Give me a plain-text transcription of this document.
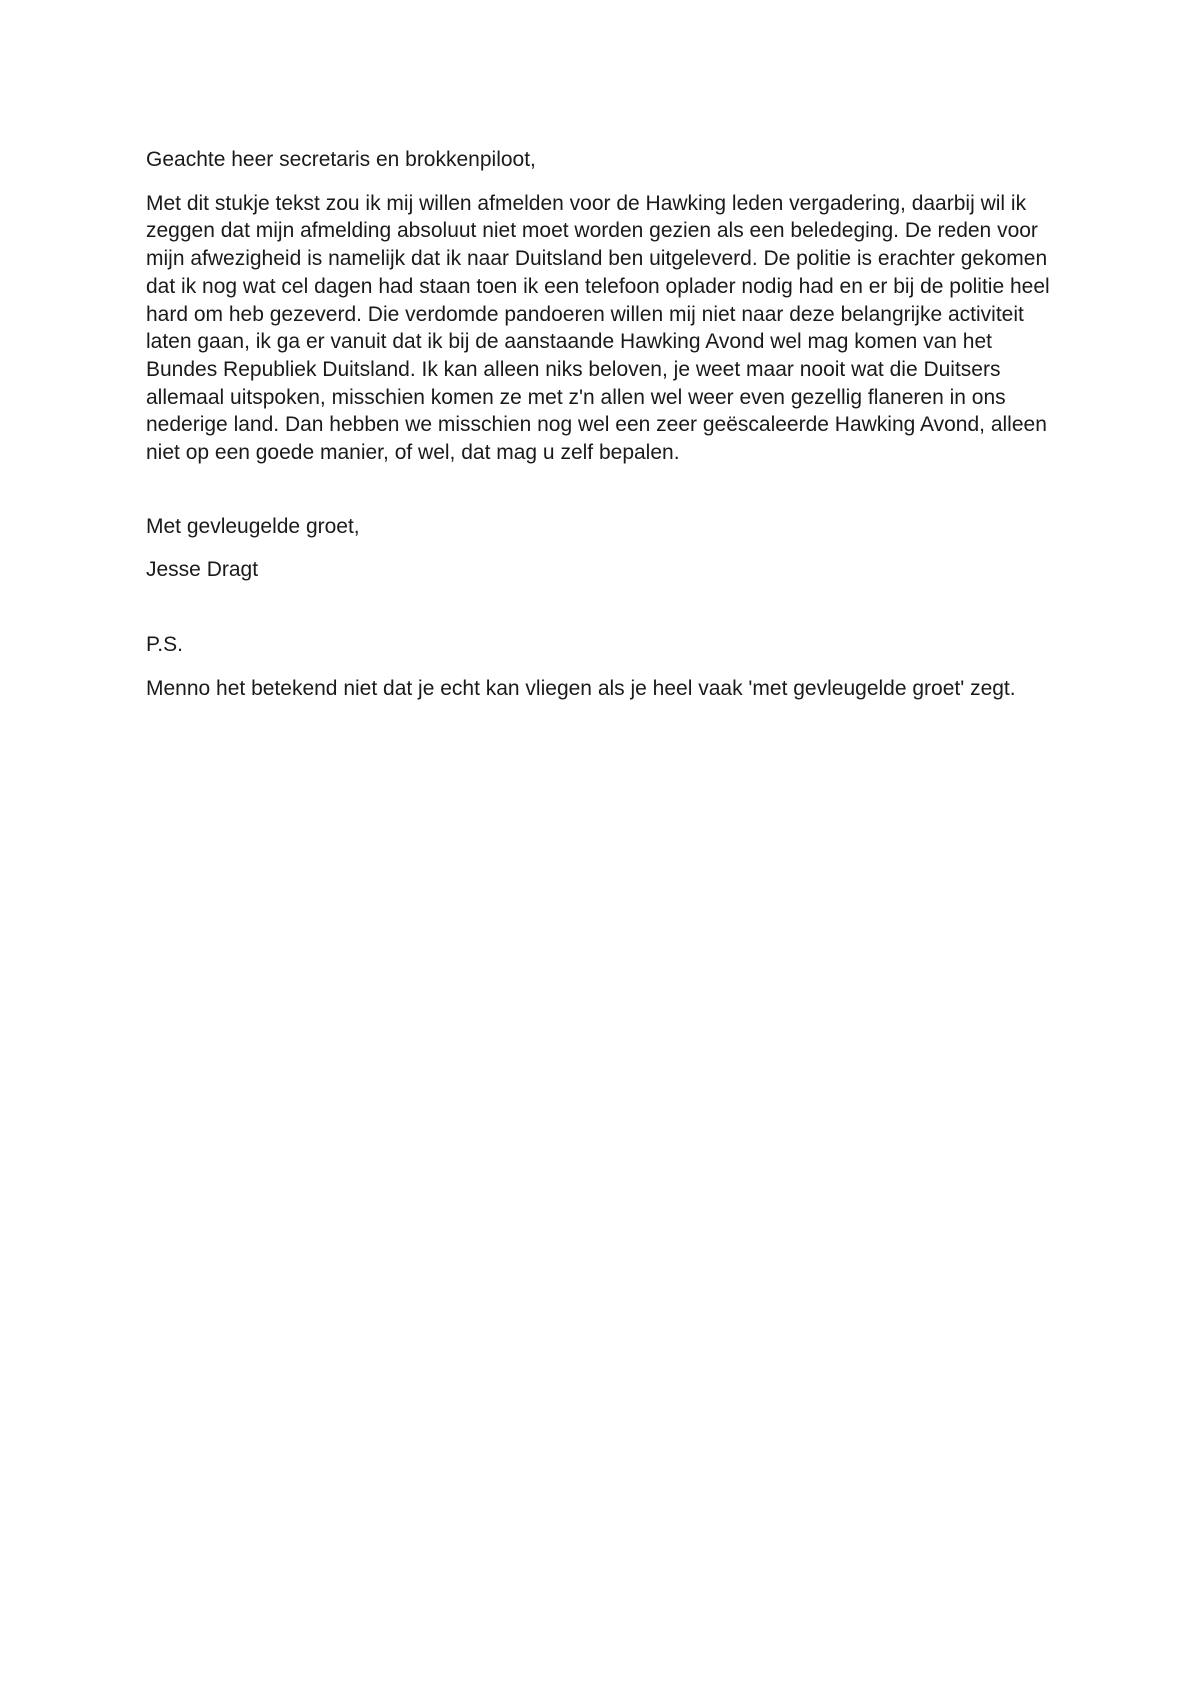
Geachte heer secretaris en brokkenpiloot,

Met dit stukje tekst zou ik mij willen afmelden voor de Hawking leden vergadering, daarbij wil ik zeggen dat mijn afmelding absoluut niet moet worden gezien als een beledeging. De reden voor mijn afwezigheid is namelijk dat ik naar Duitsland ben uitgeleverd. De politie is erachter gekomen dat ik nog wat cel dagen had staan toen ik een telefoon oplader nodig had en er bij de politie heel hard om heb gezeverd. Die verdomde pandoeren willen mij niet naar deze belangrijke activiteit laten gaan, ik ga er vanuit dat ik bij de aanstaande Hawking Avond wel mag komen van het Bundes Republiek Duitsland. Ik kan alleen niks beloven, je weet maar nooit wat die Duitsers allemaal uitspoken, misschien komen ze met z'n allen wel weer even gezellig flaneren in ons nederige land. Dan hebben we misschien nog wel een zeer geëscaleerde Hawking Avond, alleen niet op een goede manier, of wel, dat mag u zelf bepalen.

Met gevleugelde groet,

Jesse Dragt

P.S.

Menno het betekend niet dat je echt kan vliegen als je heel vaak 'met gevleugelde groet' zegt.
